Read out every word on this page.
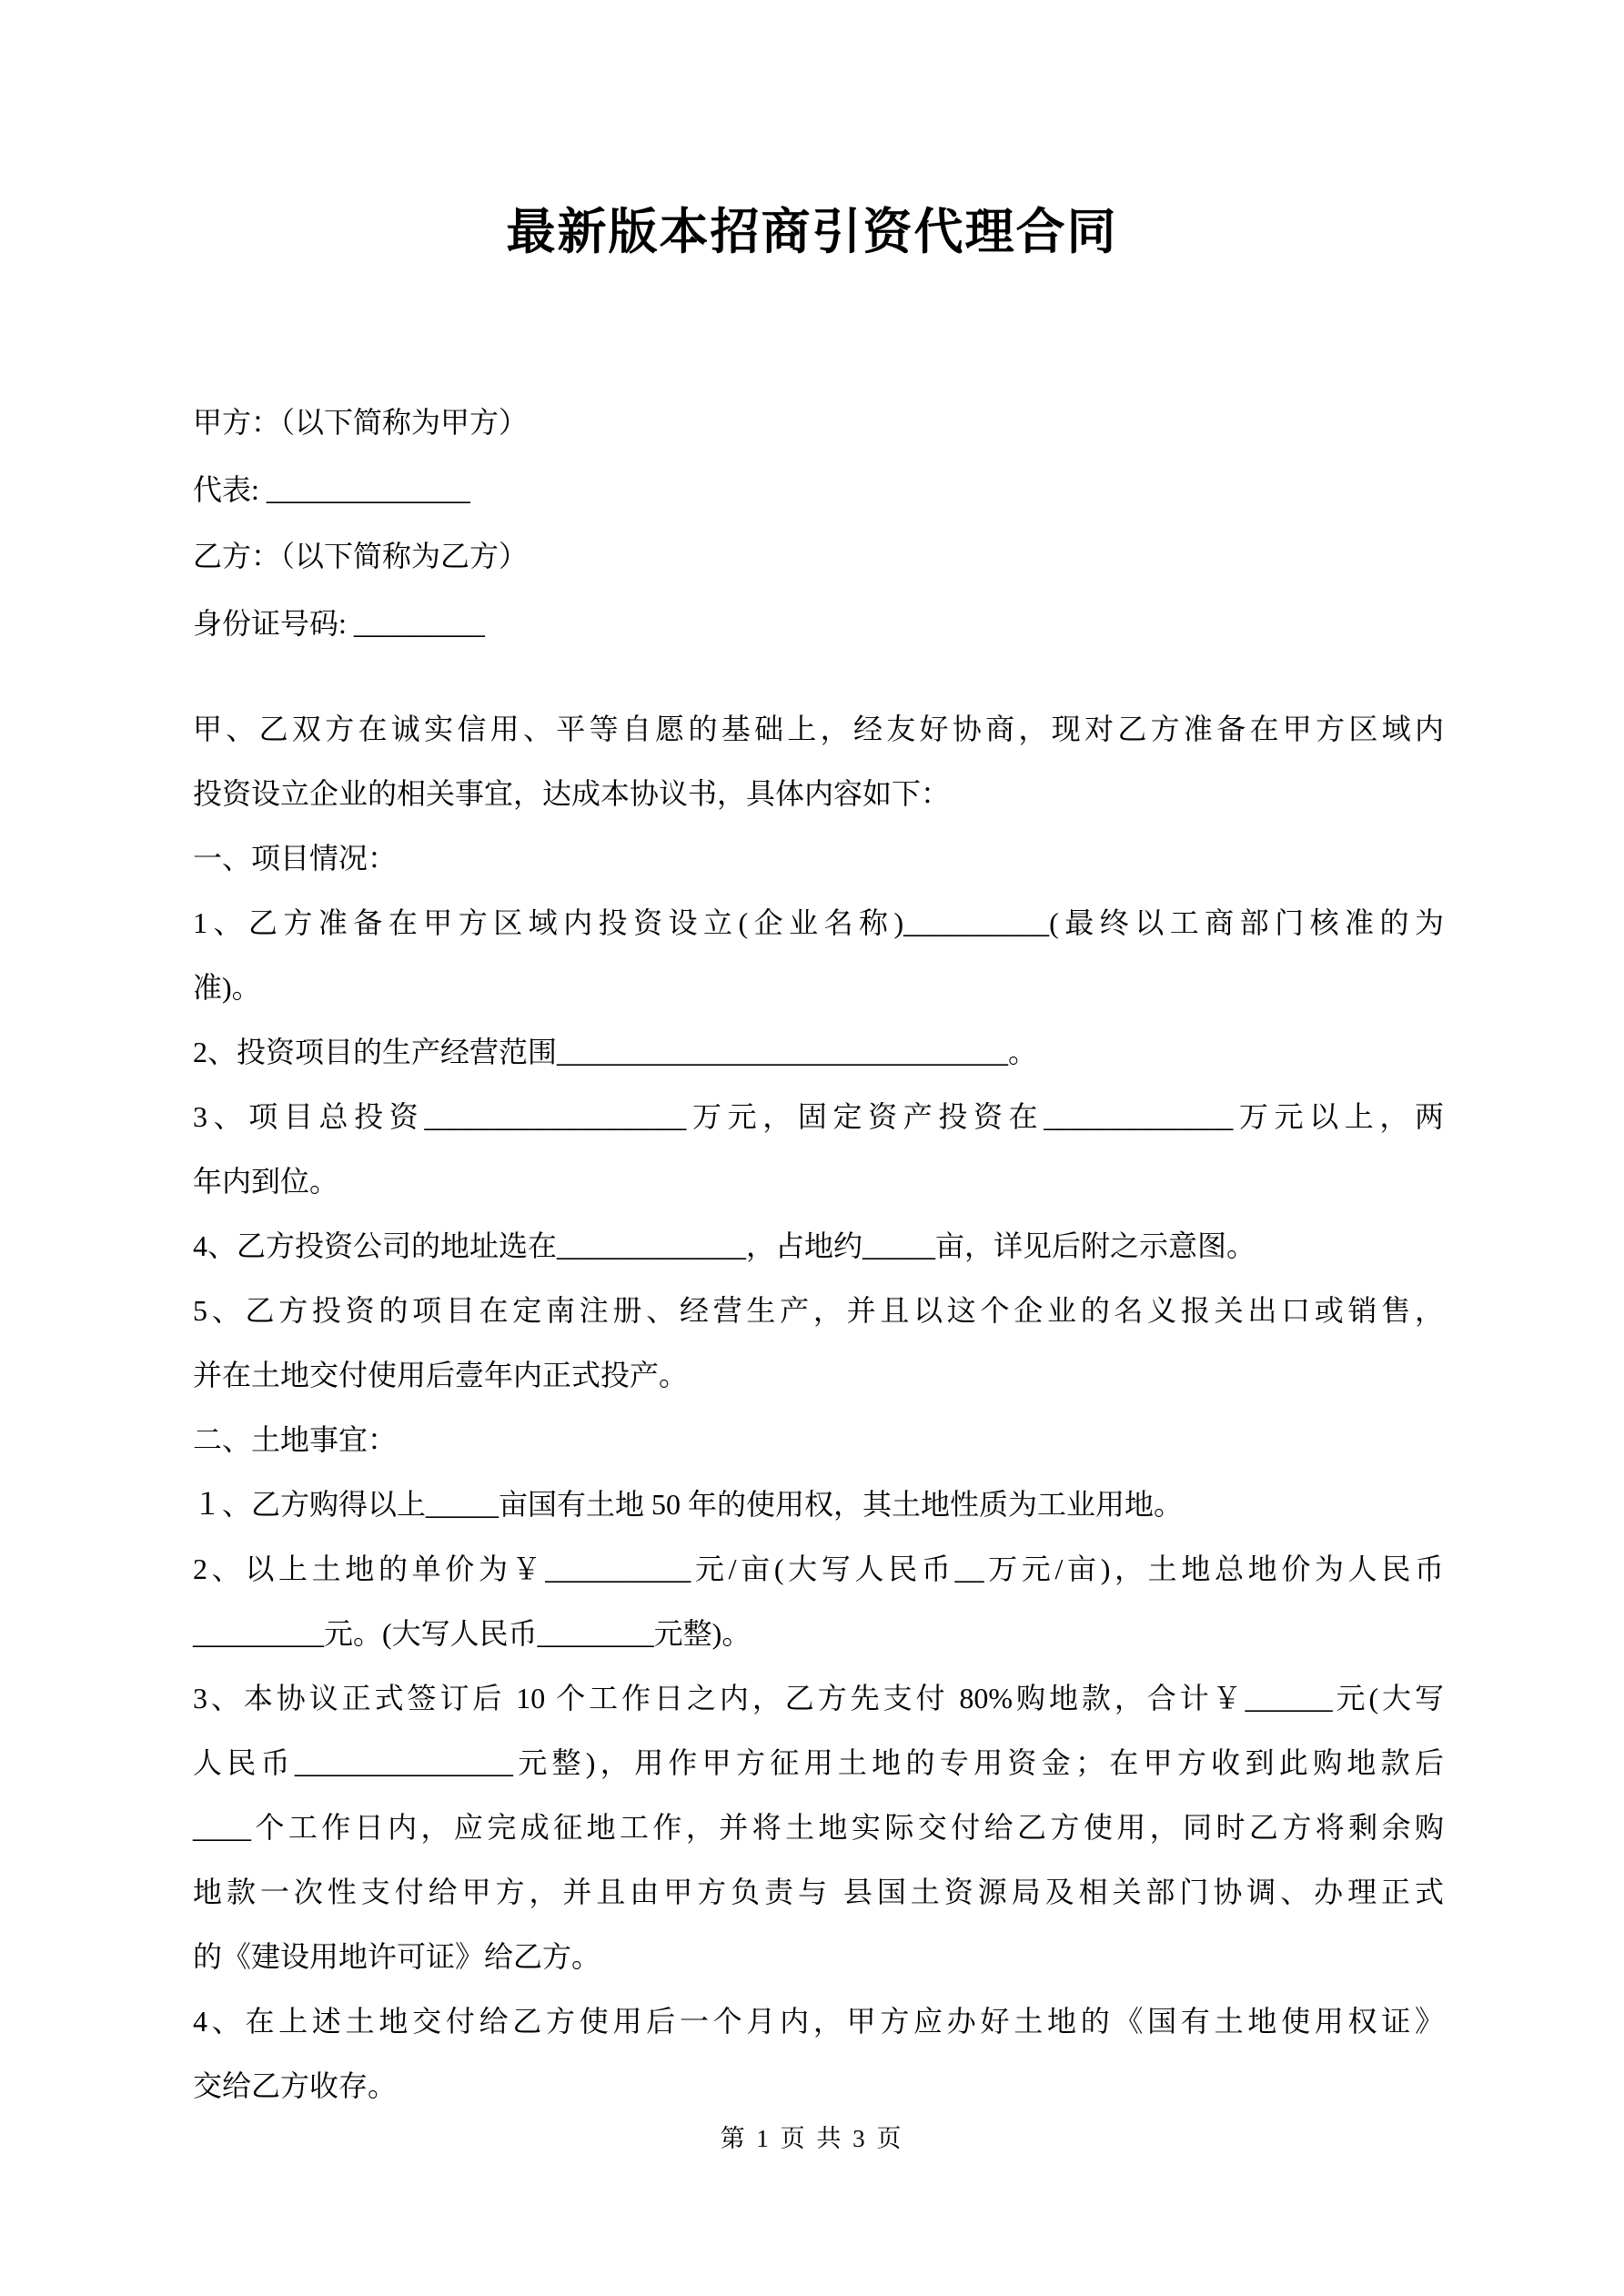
最新版本招商引资代理合同
甲方：（以下简称为甲方）
代表: ______________
乙方：（以下简称为乙方）
身份证号码: _________
甲、乙双方在诚实信用、平等自愿的基础上，经友好协商，现对乙方准备在甲方区域内
投资设立企业的相关事宜，达成本协议书，具体内容如下：
一、项目情况：
1、乙方准备在甲方区域内投资设立(企业名称)__________(最终以工商部门核准的为
准)。
2、投资项目的生产经营范围_______________________________。
3、项目总投资__________________万元，固定资产投资在_____________万元以上，两
年内到位。
4、乙方投资公司的地址选在_____________，占地约_____亩，详见后附之示意图。
5、乙方投资的项目在定南注册、经营生产，并且以这个企业的名义报关出口或销售，
并在土地交付使用后壹年内正式投产。
二、土地事宜：
１、乙方购得以上_____亩国有土地 50 年的使用权，其土地性质为工业用地。
2、以上土地的单价为￥__________元/亩(大写人民币__万元/亩)，土地总地价为人民币
_________元。(大写人民币________元整)。
3、本协议正式签订后 10 个工作日之内，乙方先支付 80%购地款，合计￥______元(大写
人民币_______________元整)，用作甲方征用土地的专用资金；在甲方收到此购地款后
____个工作日内，应完成征地工作，并将土地实际交付给乙方使用，同时乙方将剩余购
地款一次性支付给甲方，并且由甲方负责与 县国土资源局及相关部门协调、办理正式
的《建设用地许可证》给乙方。
4、在上述土地交付给乙方使用后一个月内，甲方应办好土地的《国有土地使用权证》
交给乙方收存。
第 1 页 共 3 页
